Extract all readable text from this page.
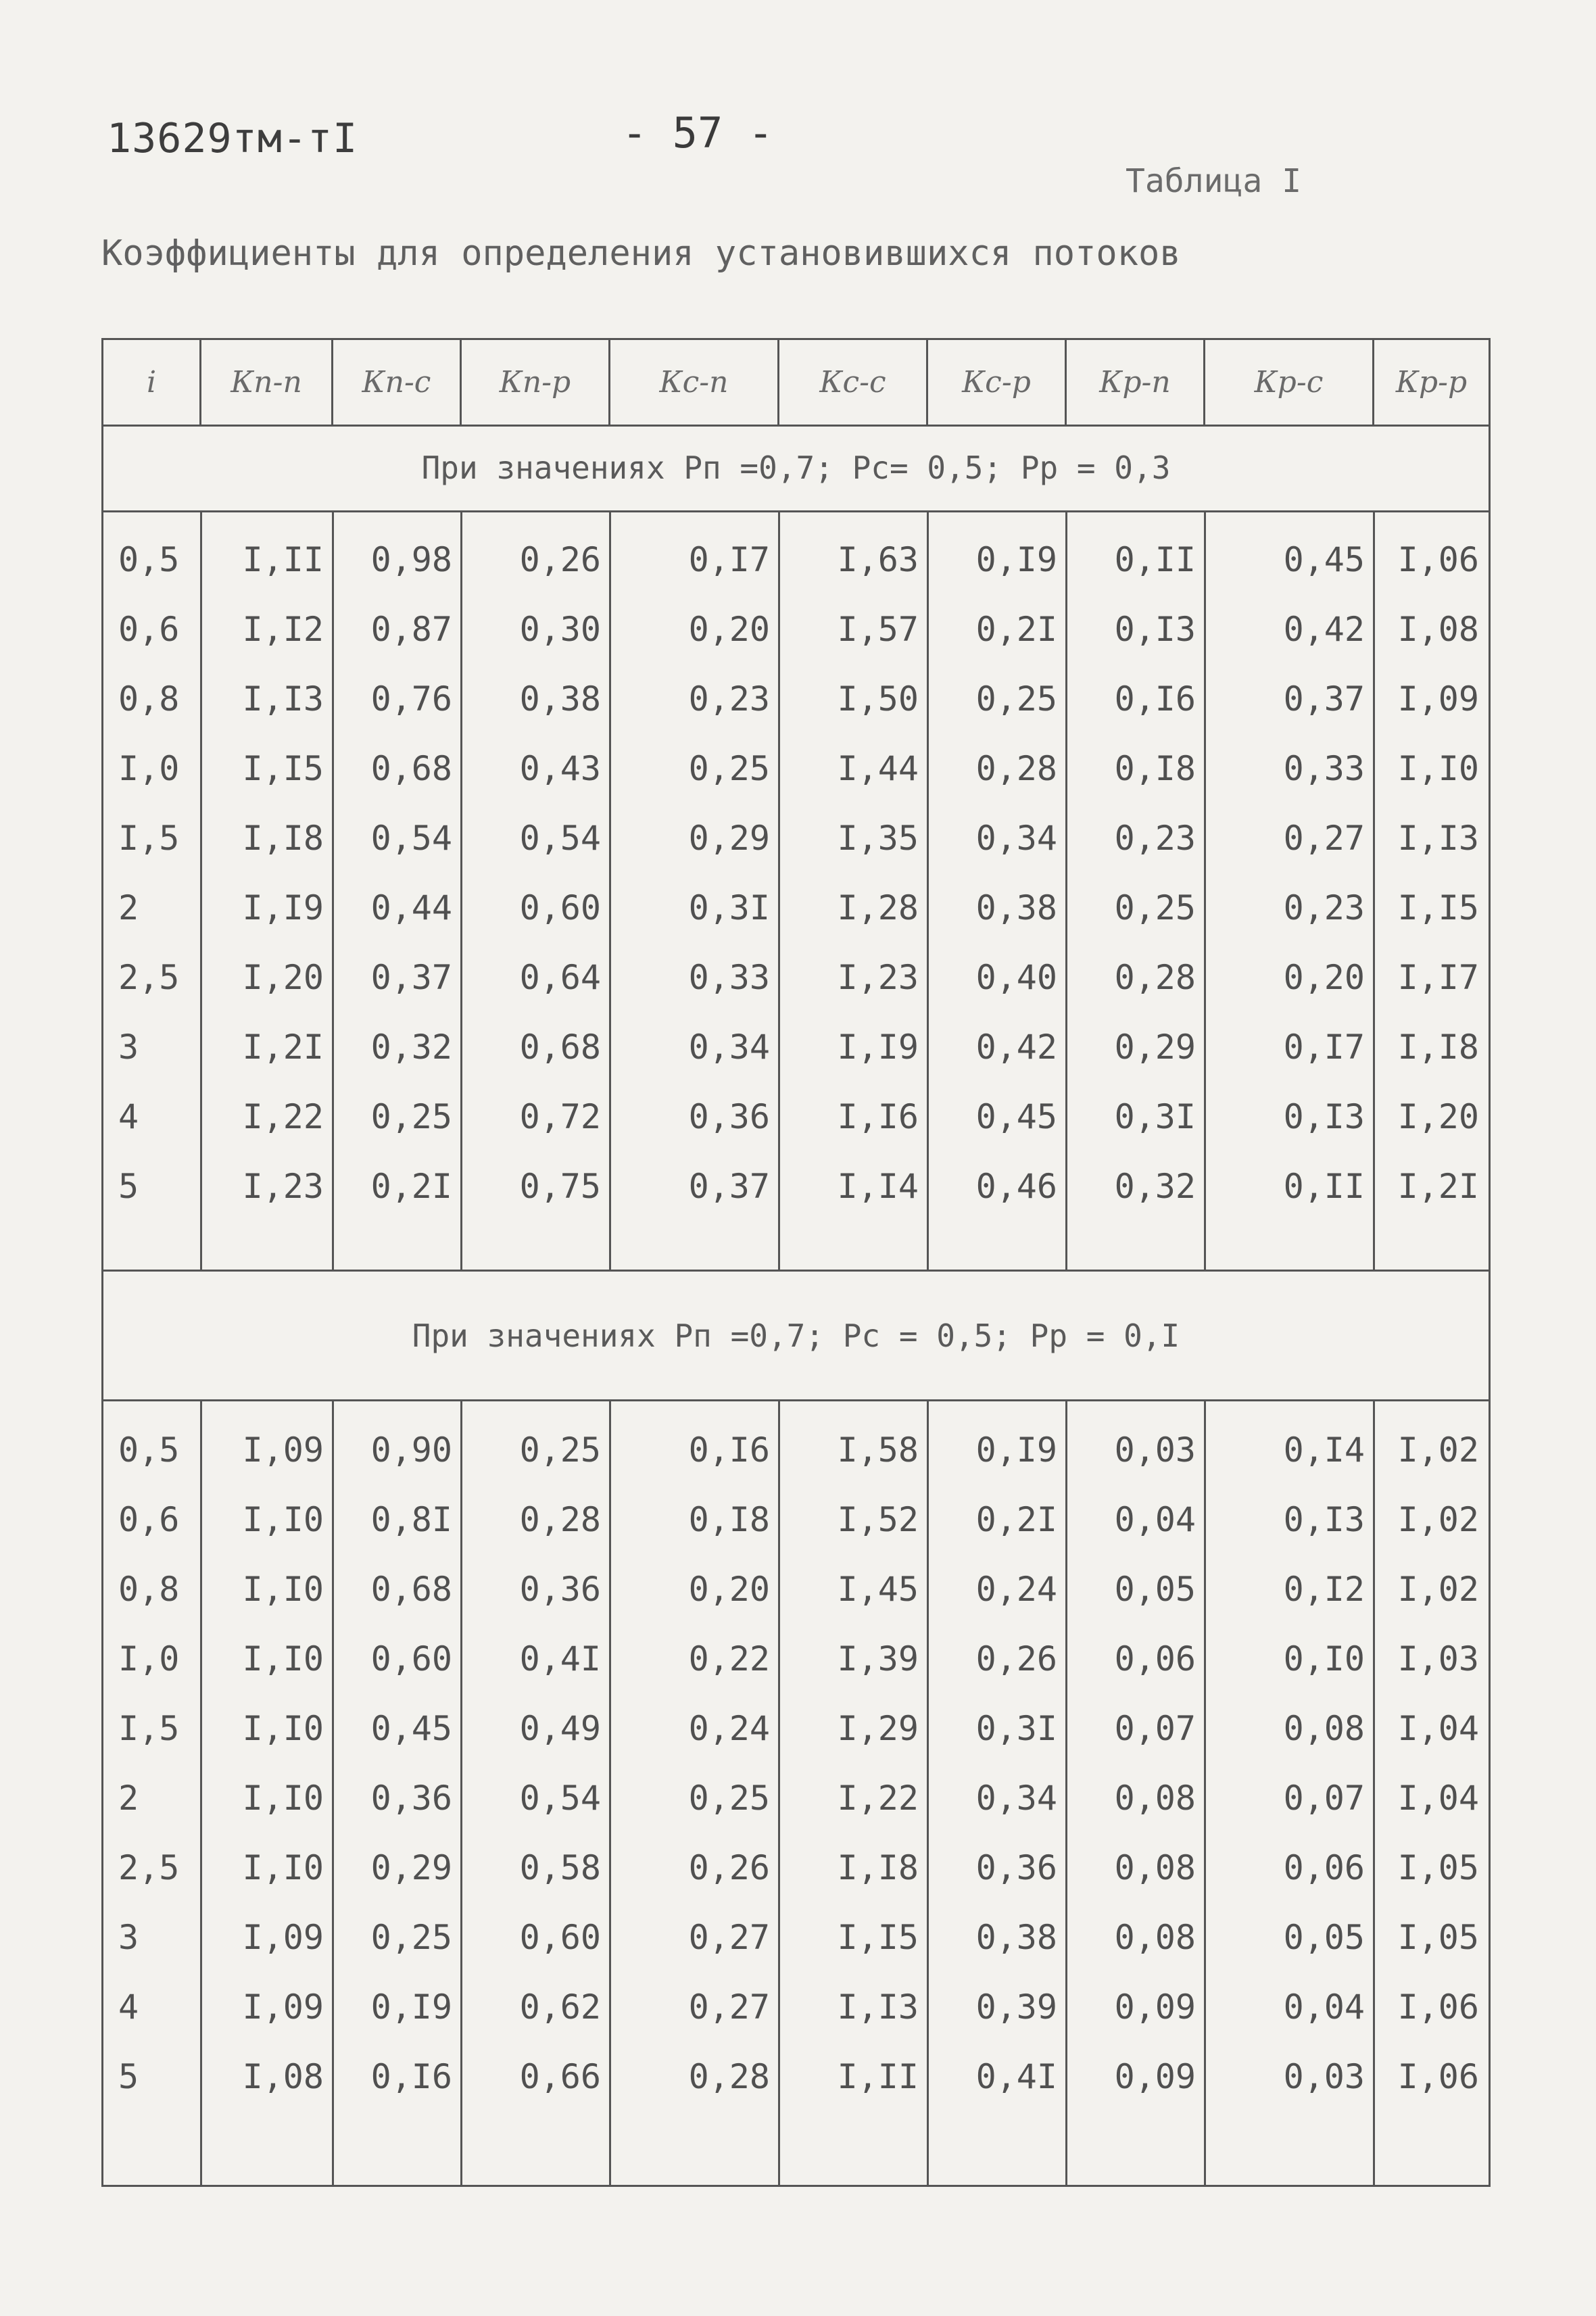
13629тм-тI	- 57 -
Таблица I
Коэффициенты для определения установившихся потоков
i	Кп-п	Кп-с	Кп-р	Кс-п	Кс-с	Кс-р	Кр-п	Кр-с	Кр-р
При значениях Pп =0,7; Pc= 0,5; Pp = 0,3
0,5	I,II	0,98	0,26	0,I7	I,63	0,I9	0,II	0,45 I,06
0,6	I,I2	0,87	0,30	0,20	I,57	0,2I	0,I3	0,42 I,08
0,8	I,I3	0,76	0,38	0,23	I,50	0,25	0,I6	0,37 I,09
I,0	I,I5	0,68	0,43	0,25	I,44	0,28	0,I8	0,33 I,I0
I,5	I,I8	0,54	0,54	0,29	I,35	0,34	0,23	0,27 I,I3
2	I,I9	0,44	0,60	0,3I	I,28	0,38	0,25	0,23 I,I5
2,5	I,20	0,37	0,64	0,33	I,23	0,40	0,28	0,20 I,I7
3	I,2I	0,32	0,68	0,34	I,I9	0,42	0,29	0,I7 I,I8
4	I,22	0,25	0,72	0,36	I,I6	0,45	0,3I	0,I3 I,20
5	I,23	0,2I	0,75	0,37	I,I4	0,46	0,32	0,II I,2I
При значениях Pп =0,7; Pc = 0,5; Pp = 0,I
0,5	I,09	0,90	0,25	0,I6	I,58	0,I9	0,03	0,I4 I,02
0,6	I,I0	0,8I	0,28	0,I8	I,52	0,2I	0,04	0,I3 I,02
0,8	I,I0	0,68	0,36	0,20	I,45	0,24	0,05	0,I2 I,02
I,0	I,I0	0,60	0,4I	0,22	I,39	0,26	0,06	0,I0 I,03
I,5	I,I0	0,45	0,49	0,24	I,29	0,3I	0,07	0,08 I,04
2	I,I0	0,36	0,54	0,25	I,22	0,34	0,08	0,07 I,04
2,5	I,I0	0,29	0,58	0,26	I,I8	0,36	0,08	0,06 I,05
3	I,09	0,25	0,60	0,27	I,I5	0,38	0,08	0,05 I,05
4	I,09	0,I9	0,62	0,27	I,I3	0,39	0,09	0,04 I,06
5	I,08	0,I6	0,66	0,28	I,II	0,4I	0,09	0,03 I,06
